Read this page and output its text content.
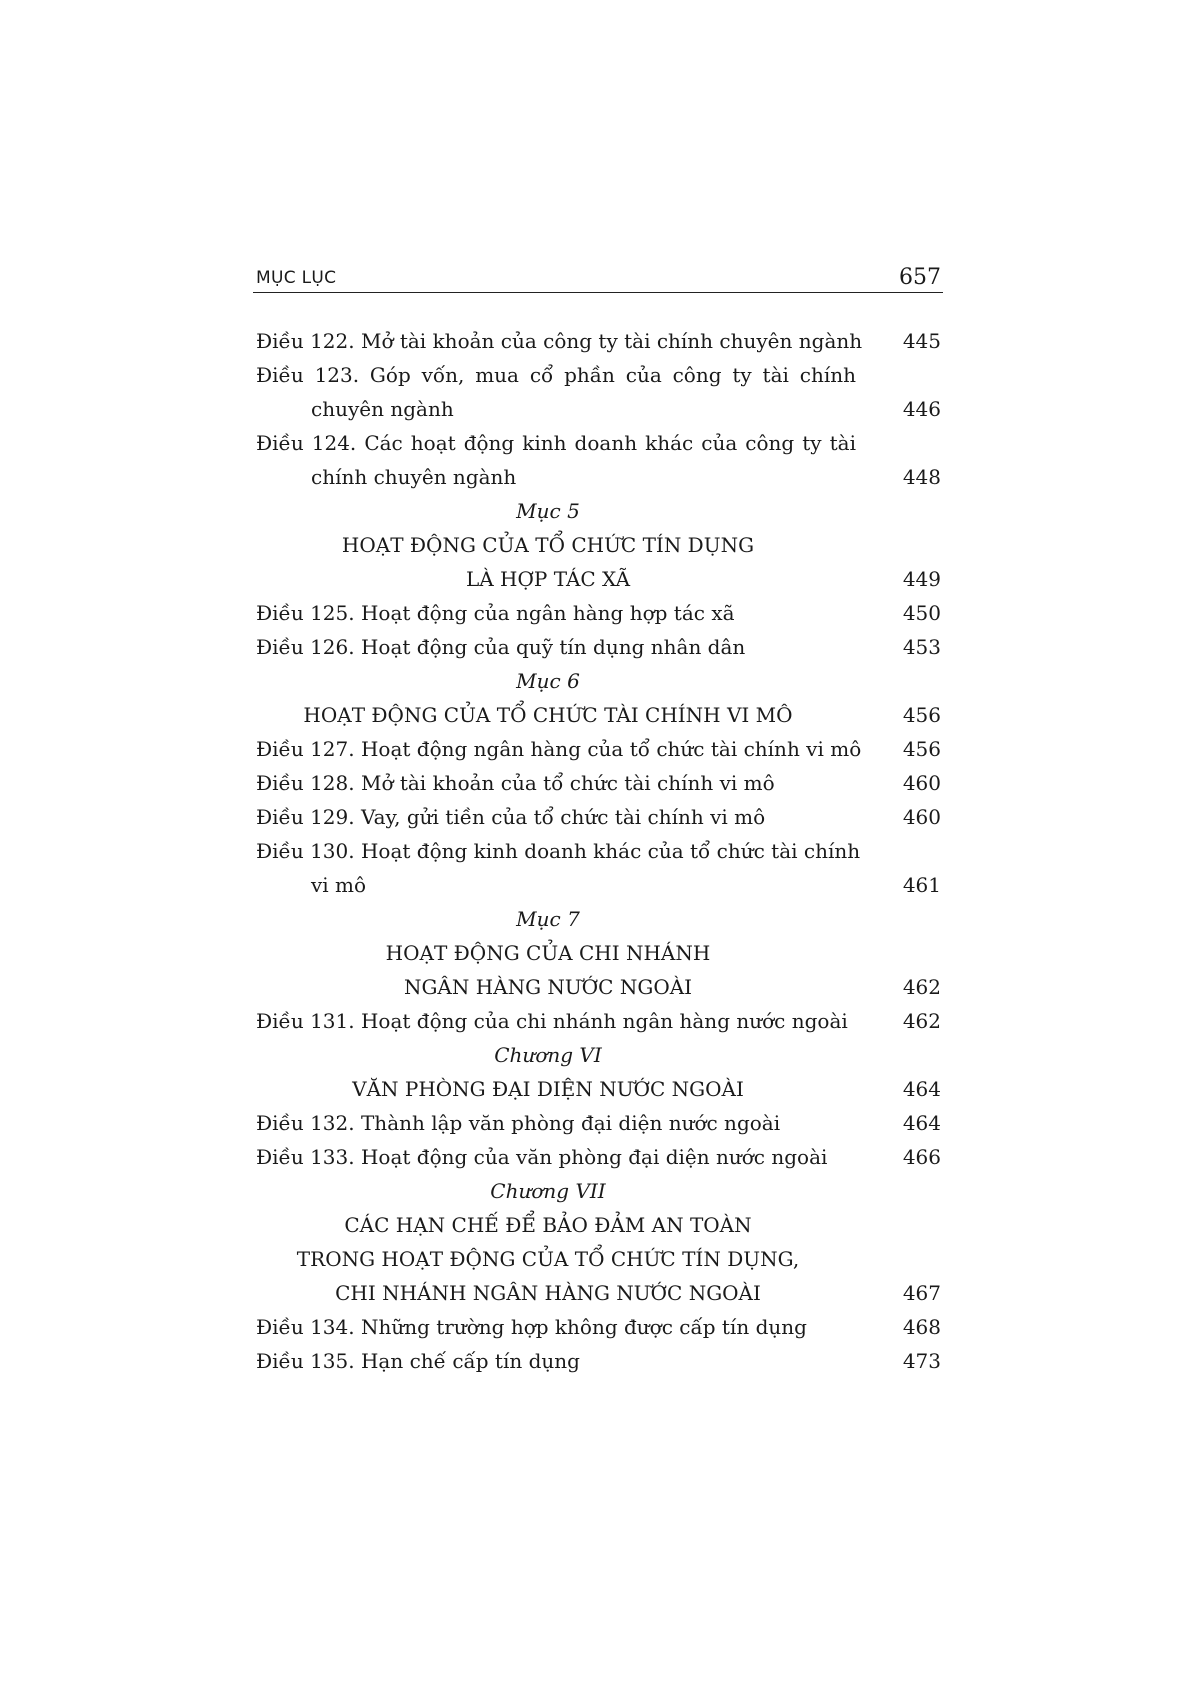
MỤC LỤC	657
Điều 122. Mở tài khoản của công ty tài chính chuyên ngành 445
Điều 123. Góp vốn, mua cổ phần của công ty tài chính
chuyên ngành	446
Điều 124. Các hoạt động kinh doanh khác của công ty tài
chính chuyên ngành	448
Mục 5
HOẠT ĐỘNG CỦA TỔ CHỨC TÍN DỤNG
LÀ HỢP TÁC XÃ	449
Điều 125. Hoạt động của ngân hàng hợp tác xã	450
Điều 126. Hoạt động của quỹ tín dụng nhân dân	453
Mục 6
HOẠT ĐỘNG CỦA TỔ CHỨC TÀI CHÍNH VI MÔ	456
Điều 127. Hoạt động ngân hàng của tổ chức tài chính vi mô 456
Điều 128. Mở tài khoản của tổ chức tài chính vi mô	460
Điều 129. Vay, gửi tiền của tổ chức tài chính vi mô	460
Điều 130. Hoạt động kinh doanh khác của tổ chức tài chính
vi mô	461
Mục 7
HOẠT ĐỘNG CỦA CHI NHÁNH
NGÂN HÀNG NƯỚC NGOÀI	462
Điều 131. Hoạt động của chi nhánh ngân hàng nước ngoài	462
Chương VI
VĂN PHÒNG ĐẠI DIỆN NƯỚC NGOÀI	464
Điều 132. Thành lập văn phòng đại diện nước ngoài	464
Điều 133. Hoạt động của văn phòng đại diện nước ngoài	466
Chương VII
CÁC HẠN CHẾ ĐỂ BẢO ĐẢM AN TOÀN
TRONG HOẠT ĐỘNG CỦA TỔ CHỨC TÍN DỤNG,
CHI NHÁNH NGÂN HÀNG NƯỚC NGOÀI	467
Điều 134. Những trường hợp không được cấp tín dụng	468
Điều 135. Hạn chế cấp tín dụng	473
